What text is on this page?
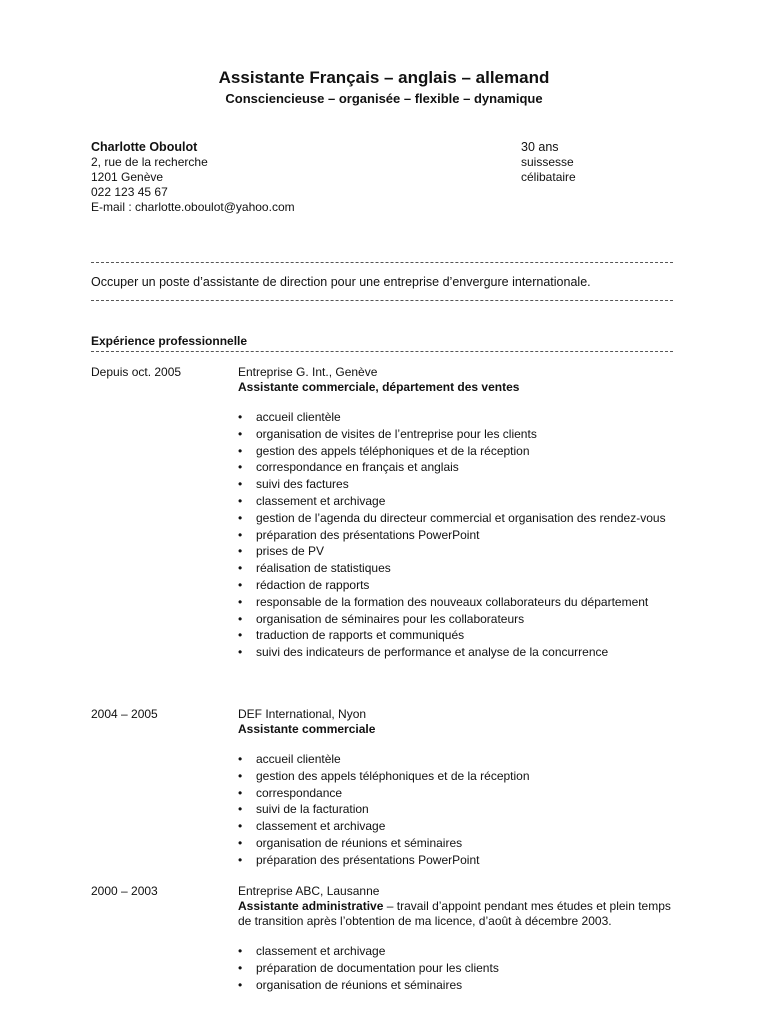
Assistante Français – anglais – allemand
Consciencieuse – organisée – flexible – dynamique
Charlotte Oboulot
2, rue de la recherche
1201 Genève
022 123 45 67
E-mail : charlotte.oboulot@yahoo.com
30 ans
suissesse
célibataire
Occuper un poste d’assistante de direction pour une entreprise d’envergure internationale.
Expérience professionnelle
Depuis oct. 2005	Entreprise G. Int., Genève
Assistante commerciale, département des ventes
• accueil clientèle
• organisation de visites de l’entreprise pour les clients
• gestion des appels téléphoniques et de la réception
• correspondance en français et anglais
• suivi des factures
• classement et archivage
• gestion de l’agenda du directeur commercial et organisation des rendez-vous
• préparation des présentations PowerPoint
• prises de PV
• réalisation de statistiques
• rédaction de rapports
• responsable de la formation des nouveaux collaborateurs du département
• organisation de séminaires pour les collaborateurs
• traduction de rapports et communiqués
• suivi des indicateurs de performance et analyse de la concurrence
2004 – 2005	DEF International, Nyon
Assistante commerciale
• accueil clientèle
• gestion des appels téléphoniques et de la réception
• correspondance
• suivi de la facturation
• classement et archivage
• organisation de réunions et séminaires
• préparation des présentations PowerPoint
2000 – 2003	Entreprise ABC, Lausanne
Assistante administrative – travail d’appoint pendant mes études et plein temps de transition après l’obtention de ma licence, d’août à décembre 2003.
• classement et archivage
• préparation de documentation pour les clients
• organisation de réunions et séminaires
